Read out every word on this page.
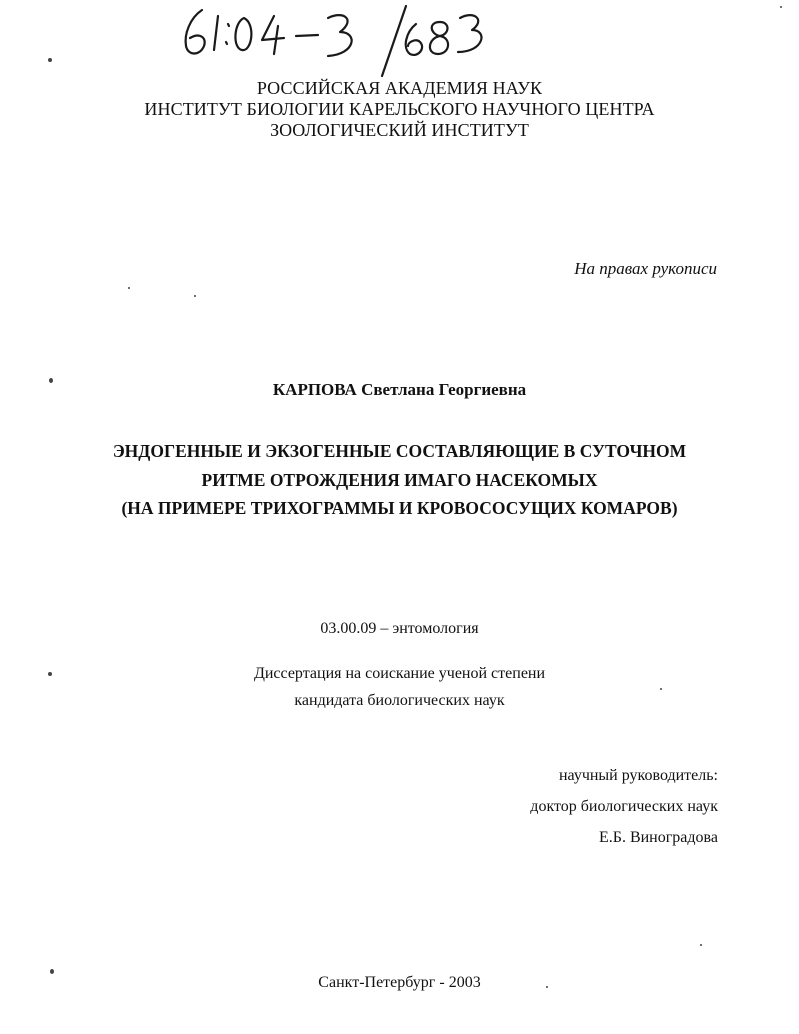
РОССИЙСКАЯ АКАДЕМИЯ НАУК
ИНСТИТУТ БИОЛОГИИ КАРЕЛЬСКОГО НАУЧНОГО ЦЕНТРА
ЗООЛОГИЧЕСКИЙ ИНСТИТУТ
На правах рукописи
КАРПОВА Светлана Георгиевна
ЭНДОГЕННЫЕ И ЭКЗОГЕННЫЕ СОСТАВЛЯЮЩИЕ В СУТОЧНОМ
РИТМЕ ОТРОЖДЕНИЯ ИМАГО НАСЕКОМЫХ
(НА ПРИМЕРЕ ТРИХОГРАММЫ И КРОВОСОСУЩИХ КОМАРОВ)
03.00.09 – энтомология
Диссертация на соискание ученой степени
кандидата биологических наук
научный руководитель:
доктор биологических наук
Е.Б. Виноградова
Санкт-Петербург - 2003
